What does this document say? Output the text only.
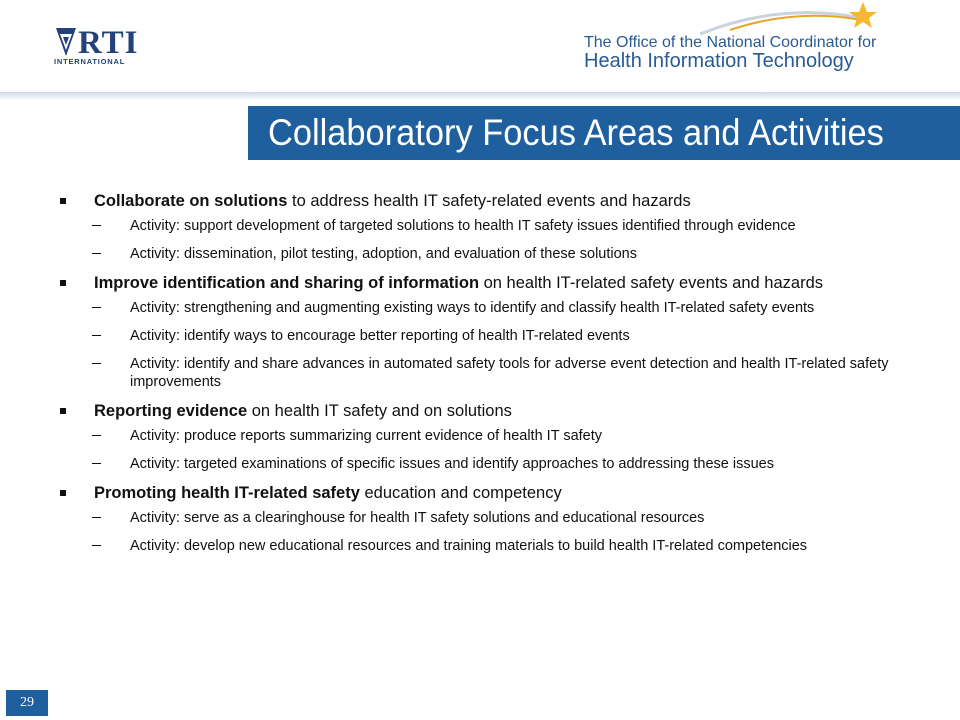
RTI
INTERNATIONAL
The Office of the National Coordinator for
Health Information Technology
Collaboratory Focus Areas and Activities
Collaborate on solutions to address health IT safety-related events and hazards
Activity: support development of targeted solutions to health IT safety issues identified through evidence
Activity: dissemination, pilot testing, adoption, and evaluation of these solutions
Improve identification and sharing of information on health IT-related safety events and hazards
Activity: strengthening and augmenting existing ways to identify and classify health IT-related safety events
Activity: identify ways to encourage better reporting of health IT-related events
Activity: identify and share advances in automated safety tools for adverse event detection and health IT-related safety improvements
Reporting evidence on health IT safety and on solutions
Activity: produce reports summarizing current evidence of health IT safety
Activity: targeted examinations of specific issues and identify approaches to addressing these issues
Promoting health IT-related safety education and competency
Activity: serve as a clearinghouse for health IT safety solutions and educational resources
Activity: develop new educational resources and training materials to build health IT-related competencies
29
